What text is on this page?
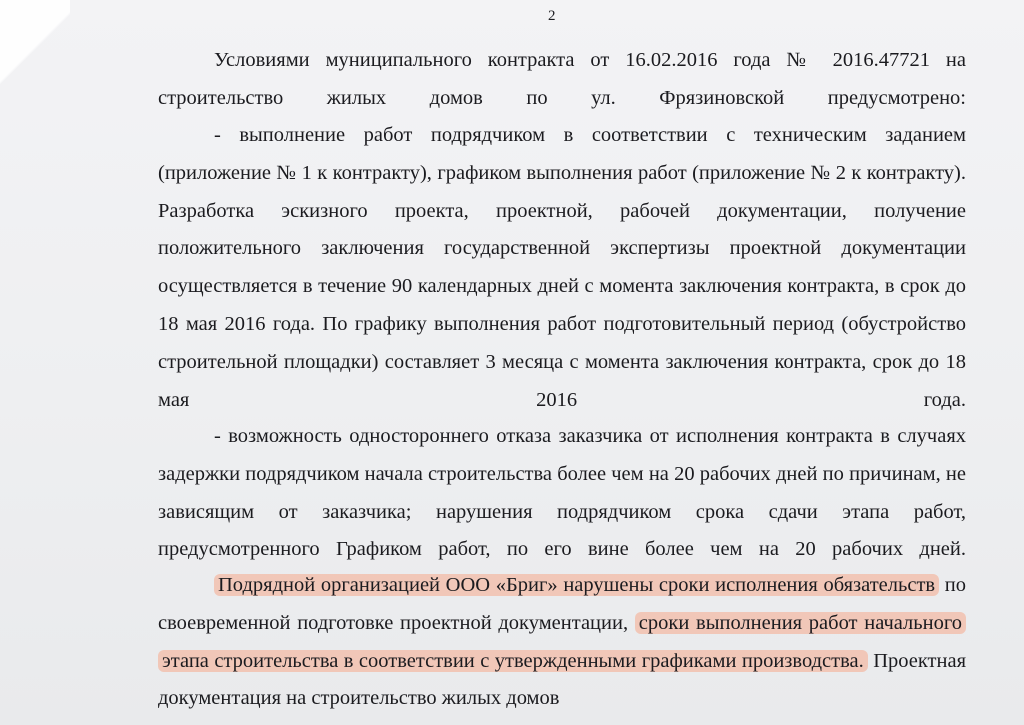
2

Условиями муниципального контракта от 16.02.2016 года № 2016.47721 на строительство жилых домов по ул. Фрязиновской предусмотрено:

- выполнение работ подрядчиком в соответствии с техническим заданием (приложение № 1 к контракту), графиком выполнения работ (приложение № 2 к контракту). Разработка эскизного проекта, проектной, рабочей документации, получение положительного заключения государственной экспертизы проектной документации осуществляется в течение 90 календарных дней с момента заключения контракта, в срок до 18 мая 2016 года. По графику выполнения работ подготовительный период (обустройство строительной площадки) составляет 3 месяца с момента заключения контракта, срок до 18 мая 2016 года.

- возможность одностороннего отказа заказчика от исполнения контракта в случаях задержки подрядчиком начала строительства более чем на 20 рабочих дней по причинам, не зависящим от заказчика; нарушения подрядчиком срока сдачи этапа работ, предусмотренного Графиком работ, по его вине более чем на 20 рабочих дней.

Подрядной организацией ООО «Бриг» нарушены сроки исполнения обязательств по своевременной подготовке проектной документации, сроки выполнения работ начального этапа строительства в соответствии с утвержденными графиками производства. Проектная документация на строительство жилых домов
